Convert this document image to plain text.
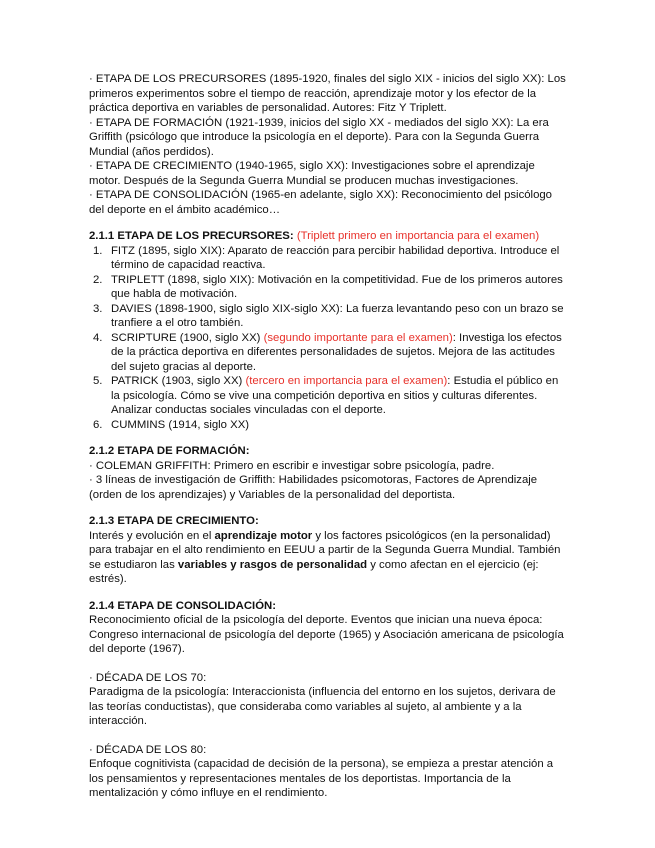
· ETAPA DE LOS PRECURSORES (1895-1920, finales del siglo XIX - inicios del siglo XX): Los primeros experimentos sobre el tiempo de reacción, aprendizaje motor y los efector de la práctica deportiva en variables de personalidad. Autores: Fitz Y Triplett.

· ETAPA DE FORMACIÓN (1921-1939, inicios del siglo XX - mediados del siglo XX): La era Griffith (psicólogo que introduce la psicología en el deporte). Para con la Segunda Guerra Mundial (años perdidos).

· ETAPA DE CRECIMIENTO (1940-1965, siglo XX): Investigaciones sobre el aprendizaje motor. Después de la Segunda Guerra Mundial se producen muchas investigaciones.

· ETAPA DE CONSOLIDACIÓN (1965-en adelante, siglo XX): Reconocimiento del psicólogo del deporte en el ámbito académico…

2.1.1 ETAPA DE LOS PRECURSORES: (Triplett primero en importancia para el examen)

1. FITZ (1895, siglo XIX): Aparato de reacción para percibir habilidad deportiva. Introduce el término de capacidad reactiva.
2. TRIPLETT (1898, siglo XIX): Motivación en la competitividad. Fue de los primeros autores que habla de motivación.
3. DAVIES (1898-1900, siglo siglo XIX-siglo XX): La fuerza levantando peso con un brazo se tranfiere a el otro también.
4. SCRIPTURE (1900, siglo XX) (segundo importante para el examen): Investiga los efectos de la práctica deportiva en diferentes personalidades de sujetos. Mejora de las actitudes del sujeto gracias al deporte.
5. PATRICK (1903, siglo XX) (tercero en importancia para el examen): Estudia el público en la psicología. Cómo se vive una competición deportiva en sitios y culturas diferentes. Analizar conductas sociales vinculadas con el deporte.
6. CUMMINS (1914, siglo XX)

2.1.2 ETAPA DE FORMACIÓN:

· COLEMAN GRIFFITH: Primero en escribir e investigar sobre psicología, padre.

· 3 líneas de investigación de Griffith: Habilidades psicomotoras, Factores de Aprendizaje (orden de los aprendizajes) y Variables de la personalidad del deportista.

2.1.3 ETAPA DE CRECIMIENTO:

Interés y evolución en el aprendizaje motor y los factores psicológicos (en la personalidad) para trabajar en el alto rendimiento en EEUU a partir de la Segunda Guerra Mundial. También se estudiaron las variables y rasgos de personalidad y como afectan en el ejercicio (ej: estrés).

2.1.4 ETAPA DE CONSOLIDACIÓN:

Reconocimiento oficial de la psicología del deporte. Eventos que inician una nueva época: Congreso internacional de psicología del deporte (1965) y Asociación americana de psicología del deporte (1967).

· DÉCADA DE LOS 70:

Paradigma de la psicología: Interaccionista (influencia del entorno en los sujetos, derivara de las teorías conductistas), que consideraba como variables al sujeto, al ambiente y a la interacción.

· DÉCADA DE LOS 80:

Enfoque cognitivista (capacidad de decisión de la persona), se empieza a prestar atención a los pensamientos y representaciones mentales de los deportistas. Importancia de la mentalización y cómo influye en el rendimiento.
